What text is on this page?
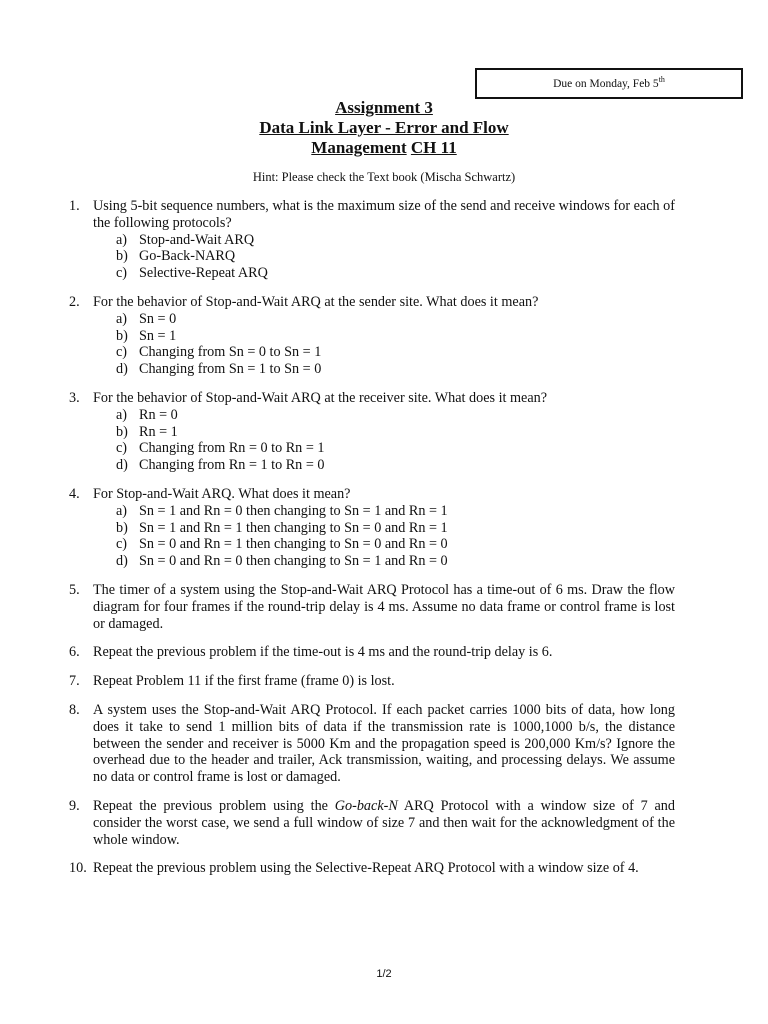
Due on Monday, Feb 5th
Assignment 3
Data Link Layer - Error and Flow
Management CH 11
Hint: Please check the Text book (Mischa Schwartz)
1. Using 5-bit sequence numbers, what is the maximum size of the send and receive windows for each of the following protocols?
a) Stop-and-Wait ARQ
b) Go-Back-NARQ
c) Selective-Repeat ARQ
2. For the behavior of Stop-and-Wait ARQ at the sender site. What does it mean?
a) Sn = 0
b) Sn = 1
c) Changing from Sn = 0 to Sn = 1
d) Changing from Sn = 1 to Sn = 0
3. For the behavior of Stop-and-Wait ARQ at the receiver site. What does it mean?
a) Rn = 0
b) Rn = 1
c) Changing from Rn = 0 to Rn = 1
d) Changing from Rn = 1 to Rn = 0
4. For Stop-and-Wait ARQ. What does it mean?
a) Sn = 1 and Rn = 0 then changing to Sn = 1 and Rn = 1
b) Sn = 1 and Rn = 1 then changing to Sn = 0 and Rn = 1
c) Sn = 0 and Rn = 1 then changing to Sn = 0 and Rn = 0
d) Sn = 0 and Rn = 0 then changing to Sn = 1 and Rn = 0
5. The timer of a system using the Stop-and-Wait ARQ Protocol has a time-out of 6 ms. Draw the flow diagram for four frames if the round-trip delay is 4 ms. Assume no data frame or control frame is lost or damaged.
6. Repeat the previous problem if the time-out is 4 ms and the round-trip delay is 6.
7. Repeat Problem 11 if the first frame (frame 0) is lost.
8. A system uses the Stop-and-Wait ARQ Protocol. If each packet carries 1000 bits of data, how long does it take to send 1 million bits of data if the transmission rate is 1000,1000 b/s, the distance between the sender and receiver is 5000 Km and the propagation speed is 200,000 Km/s? Ignore the overhead due to the header and trailer, Ack transmission, waiting, and processing delays. We assume no data or control frame is lost or damaged.
9. Repeat the previous problem using the Go-back-N ARQ Protocol with a window size of 7 and consider the worst case, we send a full window of size 7 and then wait for the acknowledgment of the whole window.
10. Repeat the previous problem using the Selective-Repeat ARQ Protocol with a window size of 4.
1/2
